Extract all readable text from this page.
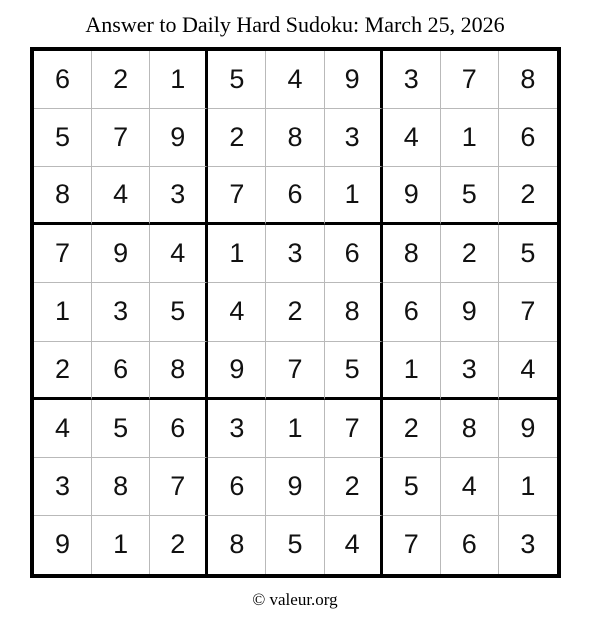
Answer to Daily Hard Sudoku: March 25, 2026
6	2	1	5	4	9	3	7	8
5	7	9	2	8	3	4	1	6
8	4	3	7	6	1	9	5	2
7	9	4	1	3	6	8	2	5
1	3	5	4	2	8	6	9	7
2	6	8	9	7	5	1	3	4
4	5	6	3	1	7	2	8	9
3	8	7	6	9	2	5	4	1
9	1	2	8	5	4	7	6	3
© valeur.org
